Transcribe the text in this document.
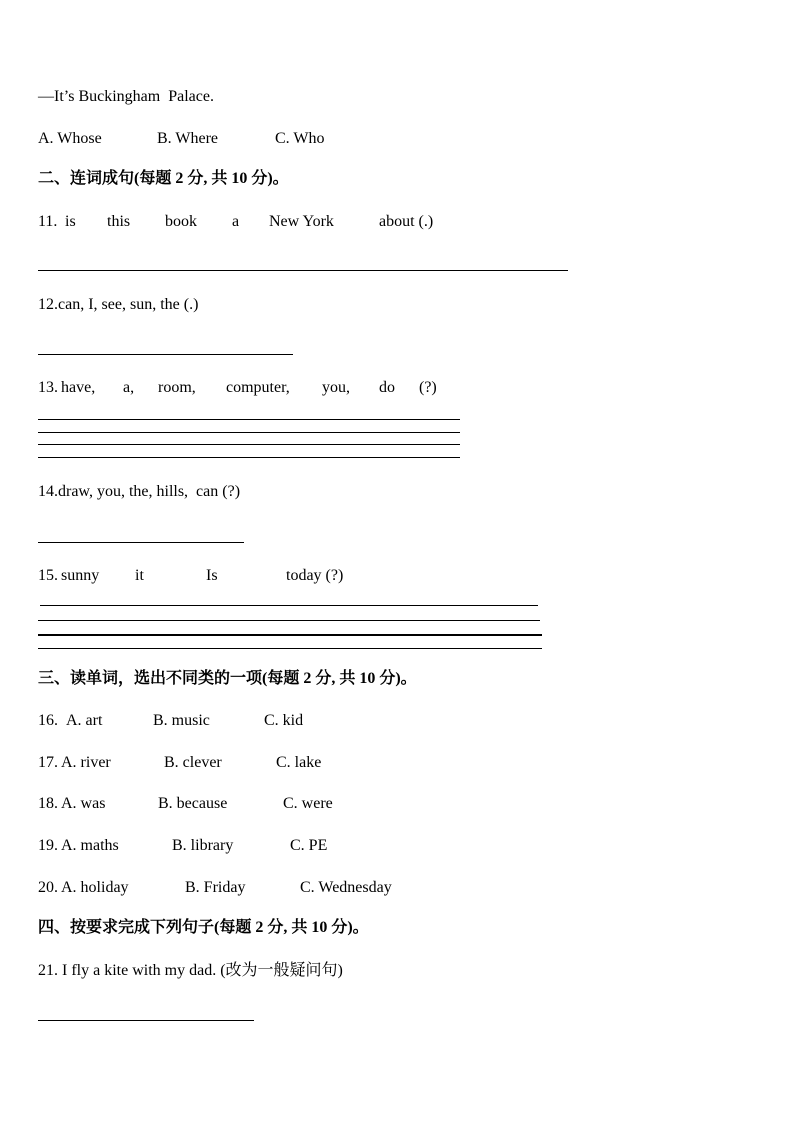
—It’s Buckingham  Palace.
A. Whose	B. Where	C. Who
二、连词成句(每题 2 分, 共 10 分)。
11. is this book a New York	about (.)
12.can, I, see, sun, the (.)
13. have, a, room, computer, you, do (?)
14.draw, you, the, hills,  can (?)
15. sunny it	Is	today (?)
三、读单词，选出不同类的一项(每题 2 分, 共 10 分)。
16. A. art	B. music	C. kid
17. A. river	B. clever	C. lake
18. A. was	B. because	C. were
19. A. maths	B. library	C. PE
20. A. holiday	B. Friday	C. Wednesday
四、按要求完成下列句子(每题 2 分, 共 10 分)。
21. I fly a kite with my dad. (改为一般疑问句)
